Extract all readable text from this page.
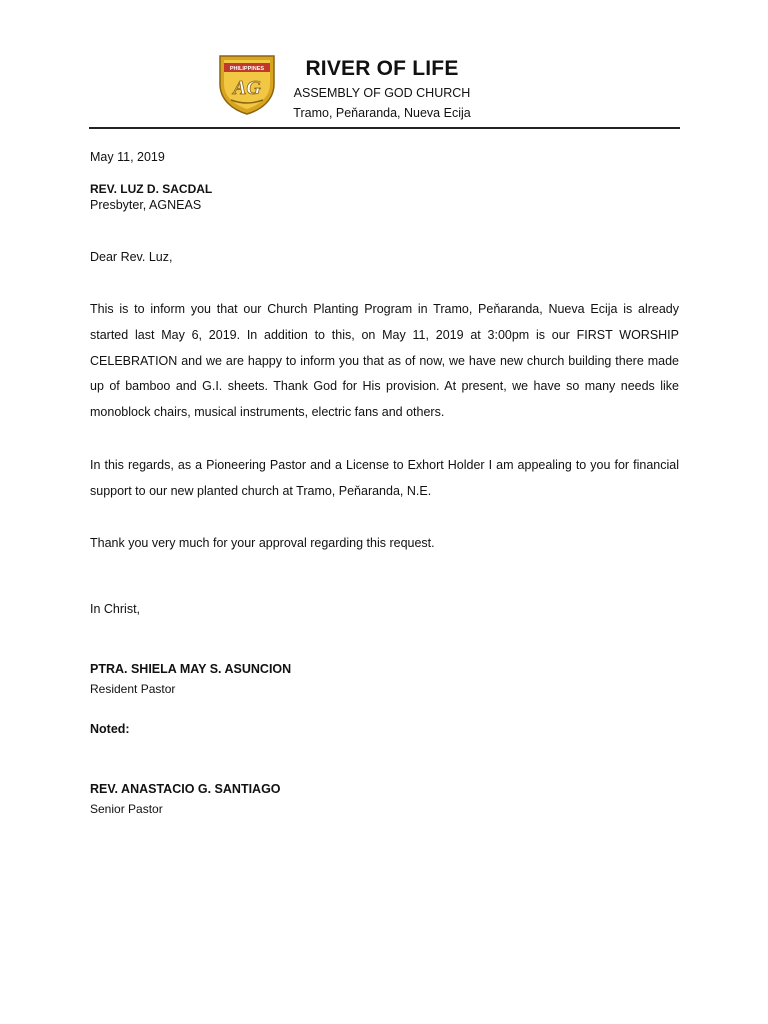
PHILIPPINES
AG
RIVER OF LIFE
ASSEMBLY OF GOD CHURCH
Tramo, Peňaranda, Nueva Ecija
May 11, 2019
REV. LUZ D. SACDAL
Presbyter, AGNEAS
Dear Rev. Luz,

This is to inform you that our Church Planting Program in Tramo, Peňaranda, Nueva Ecija is already started last May 6, 2019. In addition to this, on May 11, 2019 at 3:00pm is our FIRST WORSHIP CELEBRATION and we are happy to inform you that as of now, we have new church building there made up of bamboo and G.I. sheets. Thank God for His provision. At present, we have so many needs like monoblock chairs, musical instruments, electric fans and others.

In this regards, as a Pioneering Pastor and a License to Exhort Holder I am appealing to you for financial support to our new planted church at Tramo, Peňaranda, N.E.

Thank you very much for your approval regarding this request.

In Christ,
PTRA. SHIELA MAY S. ASUNCION
Resident Pastor
Noted:
REV. ANASTACIO G. SANTIAGO
Senior Pastor
